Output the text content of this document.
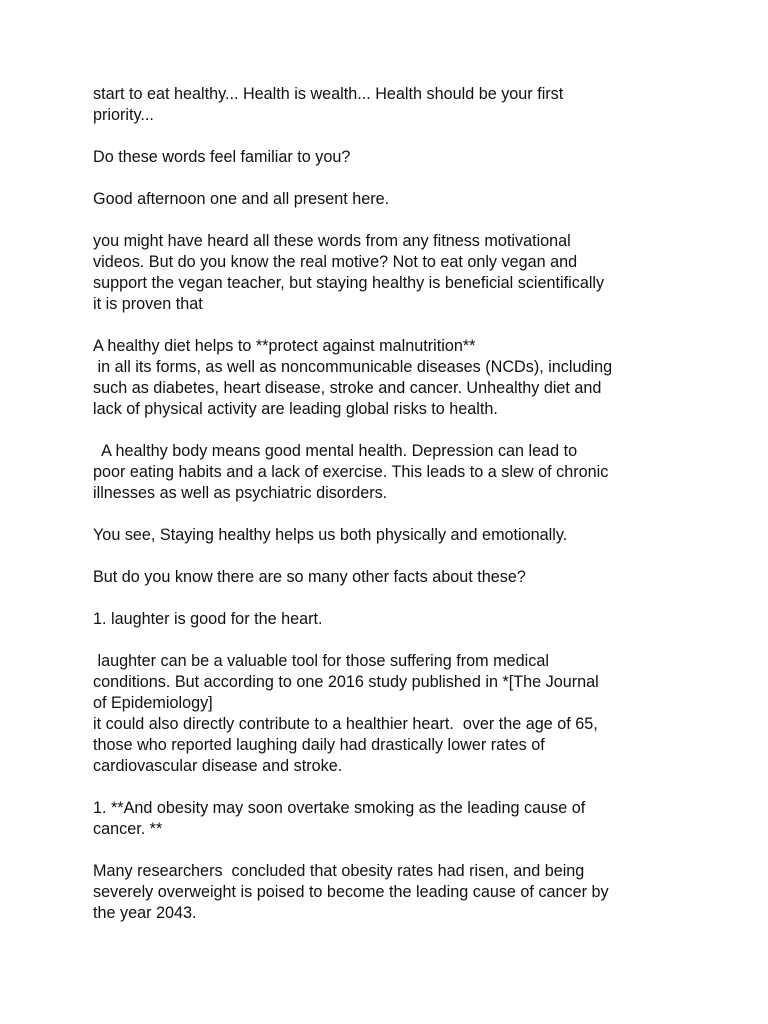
start to eat healthy... Health is wealth... Health should be your first
priority...
Do these words feel familiar to you?
Good afternoon one and all present here.
you might have heard all these words from any fitness motivational
videos. But do you know the real motive? Not to eat only vegan and
support the vegan teacher, but staying healthy is beneficial scientifically
it is proven that
A healthy diet helps to **protect against malnutrition**
in all its forms, as well as noncommunicable diseases (NCDs), including
such as diabetes, heart disease, stroke and cancer. Unhealthy diet and
lack of physical activity are leading global risks to health.
A healthy body means good mental health. Depression can lead to
poor eating habits and a lack of exercise. This leads to a slew of chronic
illnesses as well as psychiatric disorders.
You see, Staying healthy helps us both physically and emotionally.
But do you know there are so many other facts about these?
1. laughter is good for the heart.
laughter can be a valuable tool for those suffering from medical
conditions. But according to one 2016 study published in *[The Journal
of Epidemiology]
it could also directly contribute to a healthier heart.  over the age of 65,
those who reported laughing daily had drastically lower rates of
cardiovascular disease and stroke.
1. **And obesity may soon overtake smoking as the leading cause of
cancer. **
Many researchers  concluded that obesity rates had risen, and being
severely overweight is poised to become the leading cause of cancer by
the year 2043.
